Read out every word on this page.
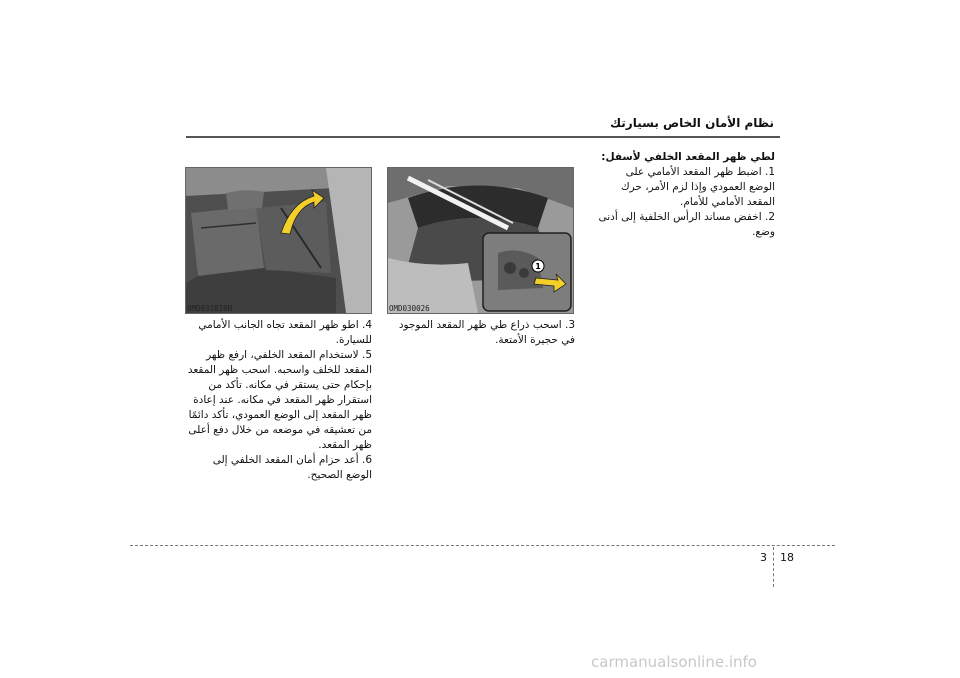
نظام الأمان الخاص بسيارتك

لطي ظهر المقعد الخلفي لأسفل:

1. اضبط ظهر المقعد الأمامي على الوضع العمودي وإذا لزم الأمر، حرك المقعد الأمامي للأمام.

2. اخفض مساند الرأس الخلفية إلى أدنى وضع.

1
OMD030026
OMD031028N

3. اسحب ذراع طي ظهر المقعد الموجود في حجيرة الأمتعة.

4. اطو ظهر المقعد تجاه الجانب الأمامي للسيارة.

5. لاستخدام المقعد الخلفي، ارفع ظهر المقعد للخلف واسحبه. اسحب ظهر المقعد بإحكام حتى يستقر في مكانه. تأكد من استقرار ظهر المقعد في مكانه. عند إعادة ظهر المقعد إلى الوضع العمودي، تأكد دائمًا من تعشيقه في موضعه من خلال دفع أعلى ظهر المقعد.

6. أعد حزام أمان المقعد الخلفي إلى الوضع الصحيح.

3 18
carmanualsonline.info
